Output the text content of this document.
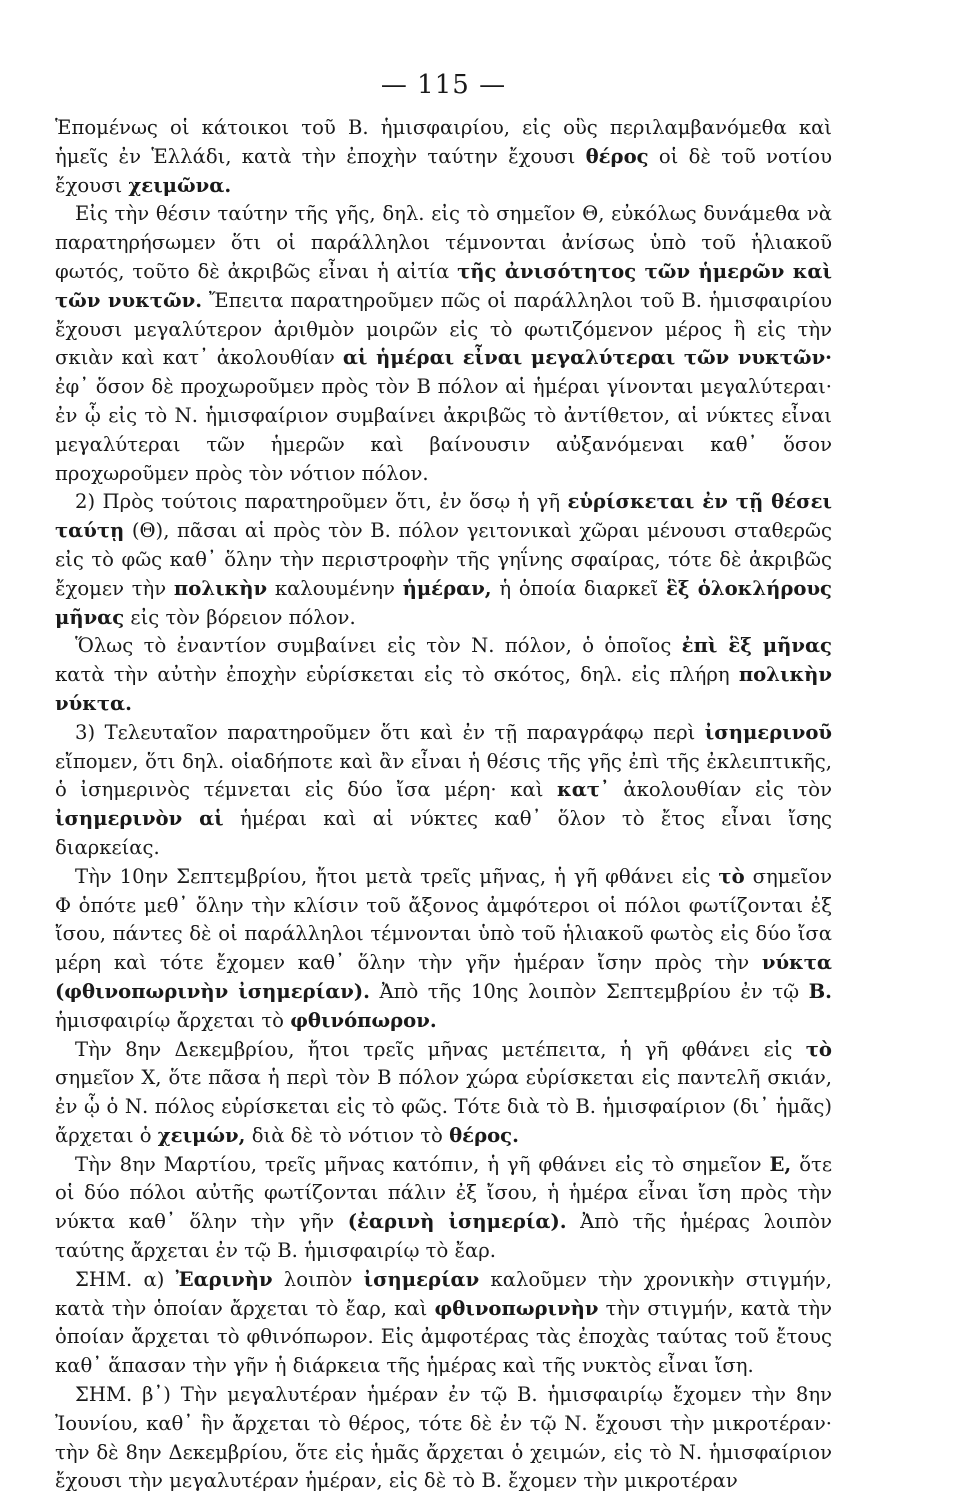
— 115 —

Ἑπομένως οἱ κάτοικοι τοῦ Β. ἡμισφαιρίου, εἰς οὓς περιλαμβανόμεθα καὶ ἡμεῖς ἐν Ἑλλάδι, κατὰ τὴν ἐποχὴν ταύτην ἔχουσι θέρος οἱ δὲ τοῦ νοτίου ἔχουσι χειμῶνα.

Εἰς τὴν θέσιν ταύτην τῆς γῆς, δηλ. εἰς τὸ σημεῖον Θ, εὐκόλως δυνάμεθα νὰ παρατηρήσωμεν ὅτι οἱ παράλληλοι τέμνονται ἀνίσως ὑπὸ τοῦ ἡλιακοῦ φωτός, τοῦτο δὲ ἀκριβῶς εἶναι ἡ αἰτία τῆς ἀνισότητος τῶν ἡμερῶν καὶ τῶν νυκτῶν. Ἔπειτα παρατηροῦμεν πῶς οἱ παράλληλοι τοῦ Β. ἡμισφαιρίου ἔχουσι μεγαλύτερον ἀριθμὸν μοιρῶν εἰς τὸ φωτιζόμενον μέρος ἢ εἰς τὴν σκιὰν καὶ κατ᾽ ἀκολουθίαν αἱ ἡμέραι εἶναι μεγαλύτεραι τῶν νυκτῶν· ἐφ᾽ ὅσον δὲ προχωροῦμεν πρὸς τὸν Β πόλον αἱ ἡμέραι γίνονται μεγαλύτεραι· ἐν ᾧ εἰς τὸ Ν. ἡμισφαίριον συμβαίνει ἀκριβῶς τὸ ἀντίθετον, αἱ νύκτες εἶναι μεγαλύτεραι τῶν ἡμερῶν καὶ βαίνουσιν αὐξανόμεναι καθ᾽ ὅσον προχωροῦμεν πρὸς τὸν νότιον πόλον.

2) Πρὸς τούτοις παρατηροῦμεν ὅτι, ἐν ὅσῳ ἡ γῆ εὑρίσκεται ἐν τῇ θέσει ταύτῃ (Θ), πᾶσαι αἱ πρὸς τὸν Β. πόλον γειτονικαὶ χῶραι μένουσι σταθερῶς εἰς τὸ φῶς καθ᾽ ὅλην τὴν περιστροφὴν τῆς γηΐνης σφαίρας, τότε δὲ ἀκριβῶς ἔχομεν τὴν πολικὴν καλουμένην ἡμέραν, ἡ ὁποία διαρκεῖ ἓξ ὁλοκλήρους μῆνας εἰς τὸν βόρειον πόλον.

Ὅλως τὸ ἐναντίον συμβαίνει εἰς τὸν Ν. πόλον, ὁ ὁποῖος ἐπὶ ἓξ μῆνας κατὰ τὴν αὐτὴν ἐποχὴν εὑρίσκεται εἰς τὸ σκότος, δηλ. εἰς πλήρη πολικὴν νύκτα.

3) Τελευταῖον παρατηροῦμεν ὅτι καὶ ἐν τῇ παραγράφῳ περὶ ἰσημερινοῦ εἴπομεν, ὅτι δηλ. οἱαδήποτε καὶ ἂν εἶναι ἡ θέσις τῆς γῆς ἐπὶ τῆς ἐκλειπτικῆς, ὁ ἰσημερινὸς τέμνεται εἰς δύο ἴσα μέρη· καὶ κατ᾽ ἀκολουθίαν εἰς τὸν ἰσημερινὸν αἱ ἡμέραι καὶ αἱ νύκτες καθ᾽ ὅλον τὸ ἔτος εἶναι ἴσης διαρκείας.

Τὴν 10ην Σεπτεμβρίου, ἤτοι μετὰ τρεῖς μῆνας, ἡ γῆ φθάνει εἰς τὸ σημεῖον Φ ὁπότε μεθ᾽ ὅλην τὴν κλίσιν τοῦ ἄξονος ἀμφότεροι οἱ πόλοι φωτίζονται ἐξ ἴσου, πάντες δὲ οἱ παράλληλοι τέμνονται ὑπὸ τοῦ ἡλιακοῦ φωτὸς εἰς δύο ἴσα μέρη καὶ τότε ἔχομεν καθ᾽ ὅλην τὴν γῆν ἡμέραν ἴσην πρὸς τὴν νύκτα (φθινοπωρινὴν ἰσημερίαν). Ἀπὸ τῆς 10ης λοιπὸν Σεπτεμβρίου ἐν τῷ Β. ἡμισφαιρίῳ ἄρχεται τὸ φθινόπωρον.

Τὴν 8ην Δεκεμβρίου, ἤτοι τρεῖς μῆνας μετέπειτα, ἡ γῆ φθάνει εἰς τὸ σημεῖον Χ, ὅτε πᾶσα ἡ περὶ τὸν Β πόλον χώρα εὑρίσκεται εἰς παντελῆ σκιάν, ἐν ᾧ ὁ Ν. πόλος εὑρίσκεται εἰς τὸ φῶς. Τότε διὰ τὸ Β. ἡμισφαίριον (δι᾽ ἡμᾶς) ἄρχεται ὁ χειμών, διὰ δὲ τὸ νότιον τὸ θέρος.

Τὴν 8ην Μαρτίου, τρεῖς μῆνας κατόπιν, ἡ γῆ φθάνει εἰς τὸ σημεῖον Ε, ὅτε οἱ δύο πόλοι αὐτῆς φωτίζονται πάλιν ἐξ ἴσου, ἡ ἡμέρα εἶναι ἴση πρὸς τὴν νύκτα καθ᾽ ὅλην τὴν γῆν (ἐαρινὴ ἰσημερία). Ἀπὸ τῆς ἡμέρας λοιπὸν ταύτης ἄρχεται ἐν τῷ Β. ἡμισφαιρίῳ τὸ ἔαρ.

ΣΗΜ. α) Ἐαρινὴν λοιπὸν ἰσημερίαν καλοῦμεν τὴν χρονικὴν στιγμήν, κατὰ τὴν ὁποίαν ἄρχεται τὸ ἔαρ, καὶ φθινοπωρινὴν τὴν στιγμήν, κατὰ τὴν ὁποίαν ἄρχεται τὸ φθινόπωρον. Εἰς ἀμφοτέρας τὰς ἐποχὰς ταύτας τοῦ ἔτους καθ᾽ ἅπασαν τὴν γῆν ἡ διάρκεια τῆς ἡμέρας καὶ τῆς νυκτὸς εἶναι ἴση.

ΣΗΜ. β᾽) Τὴν μεγαλυτέραν ἡμέραν ἐν τῷ Β. ἡμισφαιρίῳ ἔχομεν τὴν 8ην Ἰουνίου, καθ᾽ ἣν ἄρχεται τὸ θέρος, τότε δὲ ἐν τῷ Ν. ἔχουσι τὴν μικροτέραν· τὴν δὲ 8ην Δεκεμβρίου, ὅτε εἰς ἡμᾶς ἄρχεται ὁ χειμών, εἰς τὸ Ν. ἡμισφαίριον ἔχουσι τὴν μεγαλυτέραν ἡμέραν, εἰς δὲ τὸ Β. ἔχομεν τὴν μικροτέραν
